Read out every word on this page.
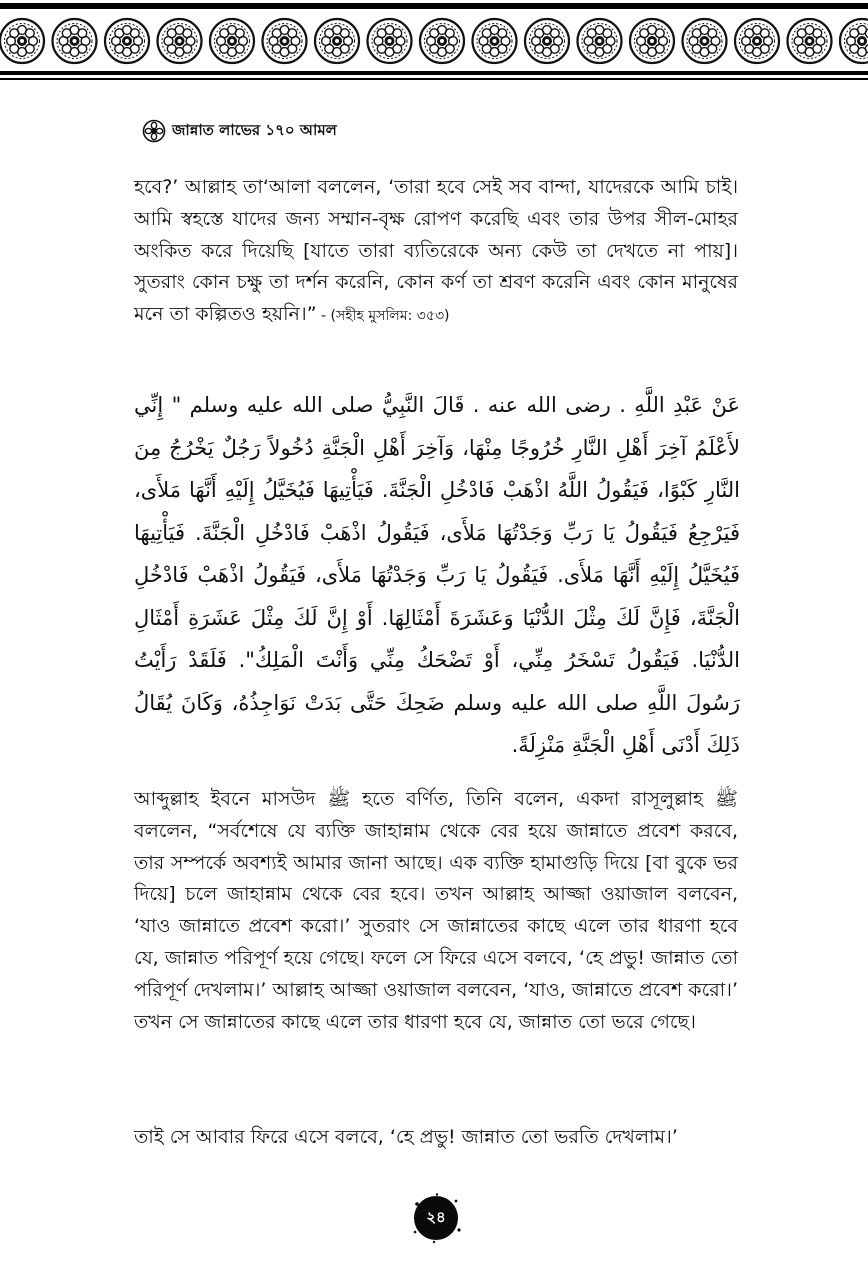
জান্নাত লাভের ১৭০ আমল
হবে?’ আল্লাহ তা‘আলা বললেন, ‘তারা হবে সেই সব বান্দা, যাদেরকে আমি চাই। আমি স্বহস্তে যাদের জন্য সম্মান-বৃক্ষ রোপণ করেছি এবং তার উপর সীল-মোহর অংকিত করে দিয়েছি [যাতে তারা ব্যতিরেকে অন্য কেউ তা দেখতে না পায়]। সুতরাং কোন চক্ষু তা দর্শন করেনি, কোন কর্ণ তা শ্রবণ করেনি এবং কোন মানুষের মনে তা কল্পিতও হয়নি।” - (সহীহ মুসলিম: ৩৫৩)
عَنْ عَبْدِ اللَّهِ . رضى الله عنه . قَالَ النَّبِيُّ صلى الله عليه وسلم " إِنِّي لأَعْلَمُ آخِرَ أَهْلِ النَّارِ خُرُوجًا مِنْهَا، وَآخِرَ أَهْلِ الْجَنَّةِ دُخُولاً رَجُلٌ يَخْرُجُ مِنَ النَّارِ كَبْوًا، فَيَقُولُ اللَّهُ اذْهَبْ فَادْخُلِ الْجَنَّةَ. فَيَأْتِيهَا فَيُخَيَّلُ إِلَيْهِ أَنَّهَا مَلأَى، فَيَرْجِعُ فَيَقُولُ يَا رَبِّ وَجَدْتُهَا مَلأَى، فَيَقُولُ اذْهَبْ فَادْخُلِ الْجَنَّةَ. فَيَأْتِيهَا فَيُخَيَّلُ إِلَيْهِ أَنَّهَا مَلأَى. فَيَقُولُ يَا رَبِّ وَجَدْتُهَا مَلأَى، فَيَقُولُ اذْهَبْ فَادْخُلِ الْجَنَّةَ، فَإِنَّ لَكَ مِثْلَ الدُّنْيَا وَعَشَرَةَ أَمْثَالِهَا. أَوْ إِنَّ لَكَ مِثْلَ عَشَرَةِ أَمْثَالِ الدُّنْيَا. فَيَقُولُ تَسْخَرُ مِنِّي، أَوْ تَضْحَكُ مِنِّي وَأَنْتَ الْمَلِكُ". فَلَقَدْ رَأَيْتُ رَسُولَ اللَّهِ صلى الله عليه وسلم ضَحِكَ حَتَّى بَدَتْ نَوَاجِذُهُ، وَكَانَ يُقَالُ ذَلِكَ أَدْنَى أَهْلِ الْجَنَّةِ مَنْزِلَةً.
আব্দুল্লাহ ইবনে মাসউদ ﷺ হতে বর্ণিত, তিনি বলেন, একদা রাসূলুল্লাহ ﷺ বললেন, “সর্বশেষে যে ব্যক্তি জাহান্নাম থেকে বের হয়ে জান্নাতে প্রবেশ করবে, তার সম্পর্কে অবশ্যই আমার জানা আছে। এক ব্যক্তি হামাগুড়ি দিয়ে [বা বুকে ভর দিয়ে] চলে জাহান্নাম থেকে বের হবে। তখন আল্লাহ আজ্জা ওয়াজাল বলবেন, ‘যাও জান্নাতে প্রবেশ করো।’ সুতরাং সে জান্নাতের কাছে এলে তার ধারণা হবে যে, জান্নাত পরিপূর্ণ হয়ে গেছে। ফলে সে ফিরে এসে বলবে, ‘হে প্রভু! জান্নাত তো পরিপূর্ণ দেখলাম।’ আল্লাহ আজ্জা ওয়াজাল বলবেন, ‘যাও, জান্নাতে প্রবেশ করো।’ তখন সে জান্নাতের কাছে এলে তার ধারণা হবে যে, জান্নাত তো ভরে গেছে।
তাই সে আবার ফিরে এসে বলবে, ‘হে প্রভু! জান্নাত তো ভরতি দেখলাম।’
২৪
